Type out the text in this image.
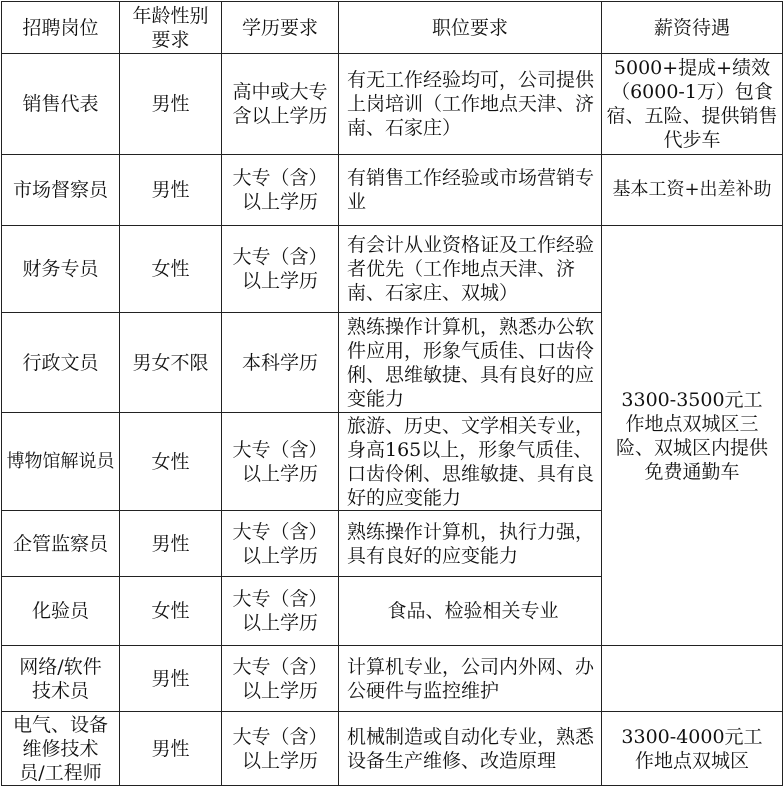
招聘岗位	年龄性别要求	学历要求	职位要求	薪资待遇	

销售代表	男性	高中或大专含以上学历	有无工作经验均可，公司提供上岗培训（工作地点天津、济南、石家庄）	5000+提成+绩效（6000-1万）包食宿、五险、提供销售代步车	

市场督察员	男性	大专（含）以上学历	有销售工作经验或市场营销专业	基本工资+出差补助	

财务专员	女性	大专（含）以上学历	有会计从业资格证及工作经验者优先（工作地点天津、济南、石家庄、双城）	3300-3500元工作地点双城区三险、双城区内提供免费通勤车	

行政文员	男女不限	本科学历	熟练操作计算机，熟悉办公软件应用，形象气质佳、口齿伶俐、思维敏捷、具有良好的应变能力		

博物馆解说员	女性	大专（含）以上学历	旅游、历史、文学相关专业，身高165以上，形象气质佳、口齿伶俐、思维敏捷、具有良好的应变能力		

企管监察员	男性	大专（含）以上学历	熟练操作计算机，执行力强，具有良好的应变能力		

化验员	女性	大专（含）以上学历	食品、检验相关专业		

网络/软件技术员	男性	大专（含）以上学历	计算机专业，公司内外网、办公硬件与监控维护		

电气、设备维修技术员/工程师	男性	大专（含）以上学历	机械制造或自动化专业，熟悉设备生产维修、改造原理	3300-4000元工作地点双城区	
